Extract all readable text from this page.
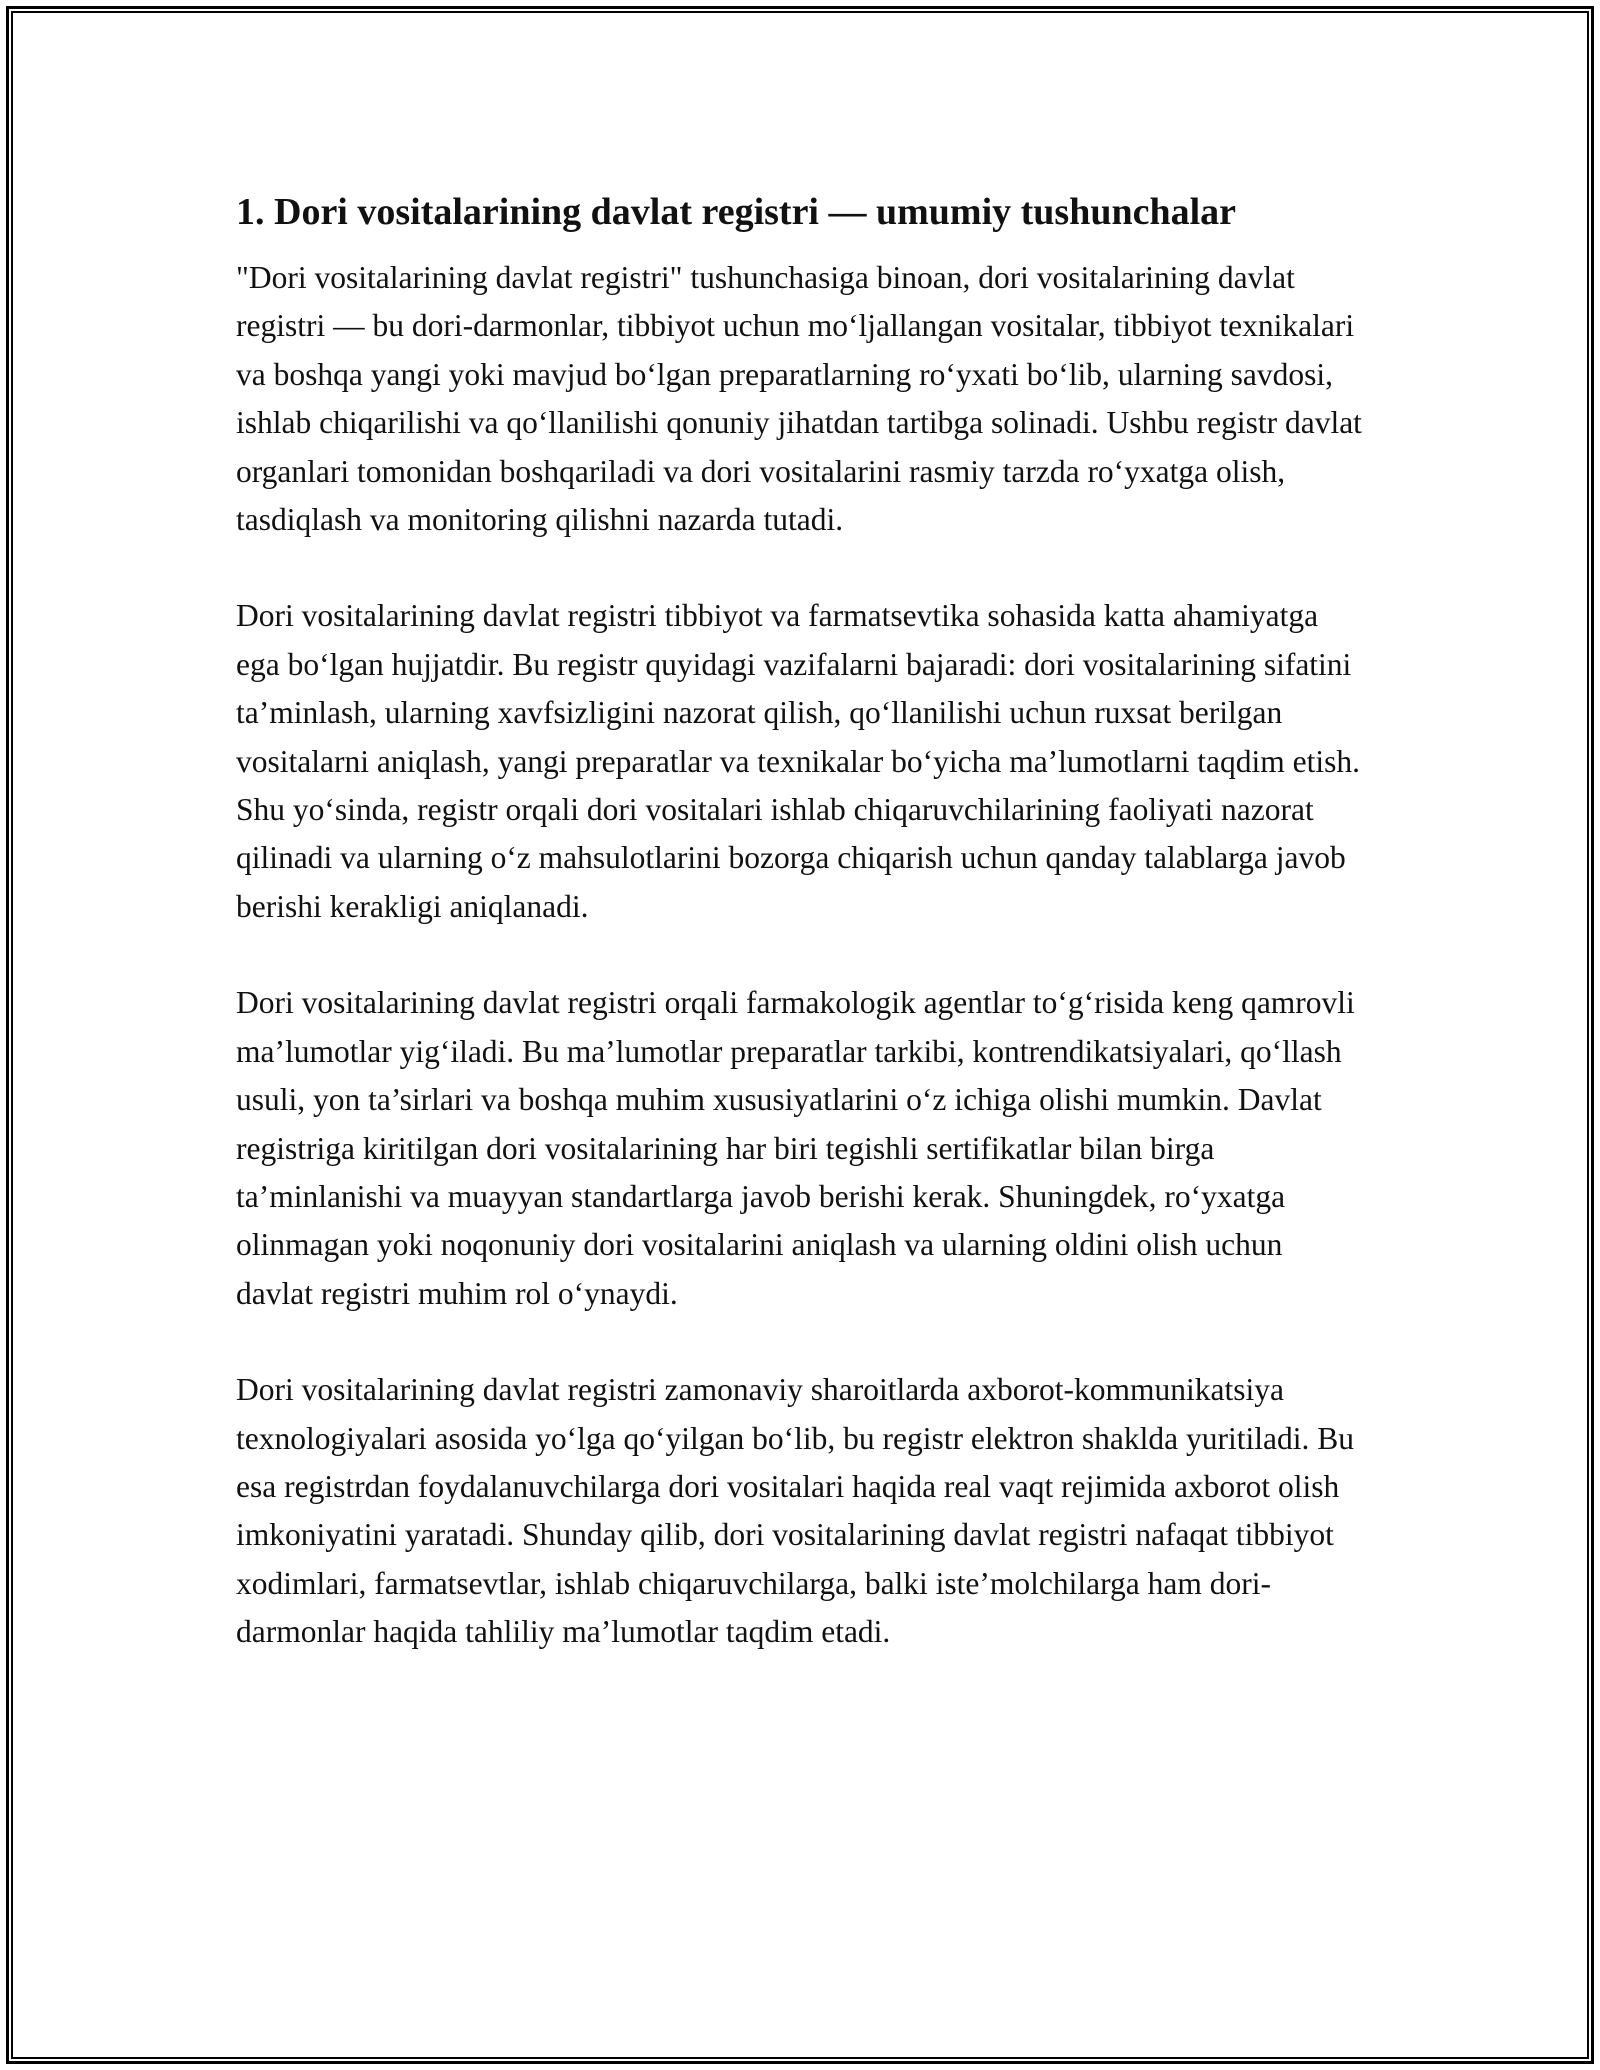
1. Dori vositalarining davlat registri — umumiy tushunchalar

"Dori vositalarining davlat registri" tushunchasiga binoan, dori vositalarining davlat registri — bu dori-darmonlar, tibbiyot uchun moʻljallangan vositalar, tibbiyot texnikalari va boshqa yangi yoki mavjud boʻlgan preparatlarning roʻyxati boʻlib, ularning savdosi, ishlab chiqarilishi va qoʻllanilishi qonuniy jihatdan tartibga solinadi. Ushbu registr davlat organlari tomonidan boshqariladi va dori vositalarini rasmiy tarzda roʻyxatga olish, tasdiqlash va monitoring qilishni nazarda tutadi.

Dori vositalarining davlat registri tibbiyot va farmatsevtika sohasida katta ahamiyatga ega boʻlgan hujjatdir. Bu registr quyidagi vazifalarni bajaradi: dori vositalarining sifatini ta’minlash, ularning xavfsizligini nazorat qilish, qoʻllanilishi uchun ruxsat berilgan vositalarni aniqlash, yangi preparatlar va texnikalar boʻyicha ma’lumotlarni taqdim etish. Shu yoʻsinda, registr orqali dori vositalari ishlab chiqaruvchilarining faoliyati nazorat qilinadi va ularning oʻz mahsulotlarini bozorga chiqarish uchun qanday talablarga javob berishi kerakligi aniqlanadi.

Dori vositalarining davlat registri orqali farmakologik agentlar toʻgʻrisida keng qamrovli ma’lumotlar yigʻiladi. Bu ma’lumotlar preparatlar tarkibi, kontrendikatsiyalari, qoʻllash usuli, yon ta’sirlari va boshqa muhim xususiyatlarini oʻz ichiga olishi mumkin. Davlat registriga kiritilgan dori vositalarining har biri tegishli sertifikatlar bilan birga ta’minlanishi va muayyan standartlarga javob berishi kerak. Shuningdek, roʻyxatga olinmagan yoki noqonuniy dori vositalarini aniqlash va ularning oldini olish uchun davlat registri muhim rol oʻynaydi.

Dori vositalarining davlat registri zamonaviy sharoitlarda axborot-kommunikatsiya texnologiyalari asosida yoʻlga qoʻyilgan boʻlib, bu registr elektron shaklda yuritiladi. Bu esa registrdan foydalanuvchilarga dori vositalari haqida real vaqt rejimida axborot olish imkoniyatini yaratadi. Shunday qilib, dori vositalarining davlat registri nafaqat tibbiyot xodimlari, farmatsevtlar, ishlab chiqaruvchilarga, balki iste’molchilarga ham dori-darmonlar haqida tahliliy ma’lumotlar taqdim etadi.
